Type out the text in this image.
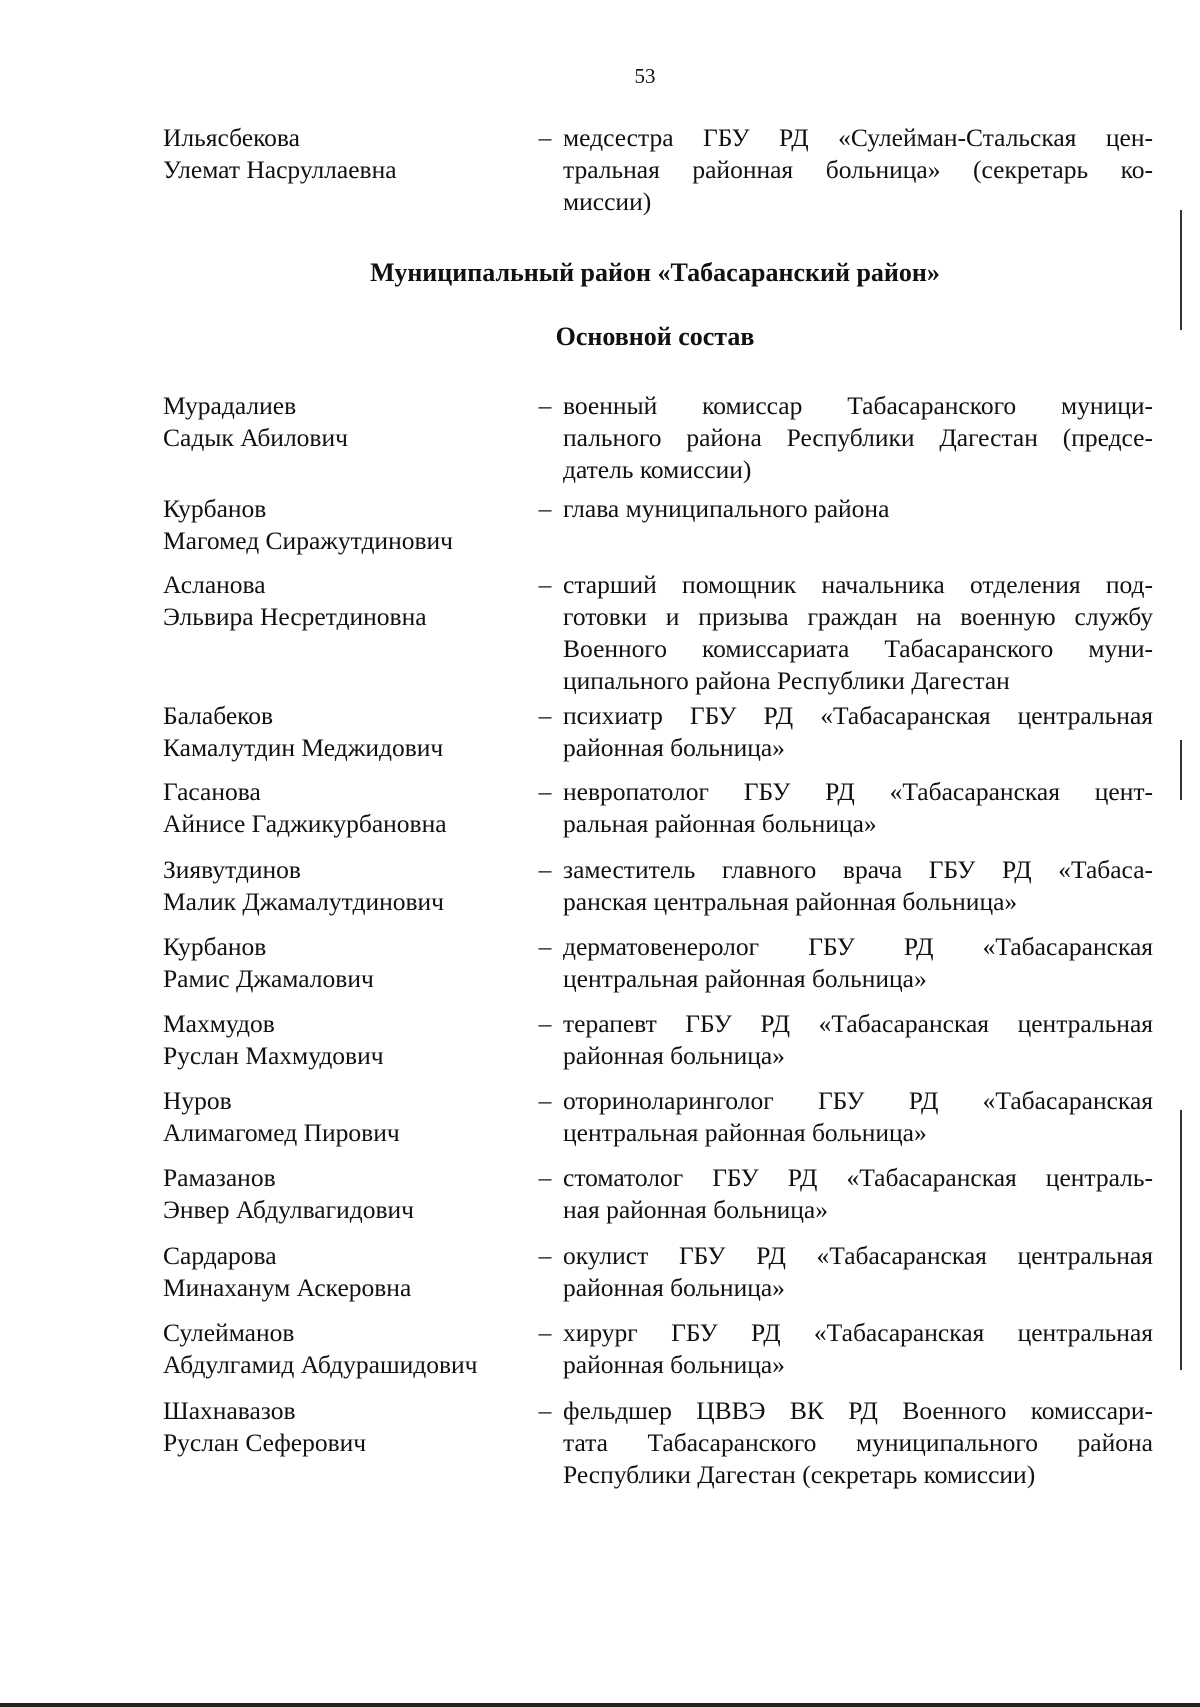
53
Ильясбекова
Улемат Насруллаевна
– медсестра ГБУ РД «Сулейман-Стальская цен-
тральная районная больница» (секретарь ко-
миссии)
Муниципальный район «Табасаранский район»
Основной состав
Мурадалиев
Садык Абилович
– военный комиссар Табасаранского муници-
пального района Республики Дагестан (предсе-
датель комиссии)
Курбанов
Магомед Сиражутдинович
– глава муниципального района
Асланова
Эльвира Несретдиновна
– старший помощник начальника отделения под-
готовки и призыва граждан на военную службу
Военного комиссариата Табасаранского муни-
ципального района Республики Дагестан
Балабеков
Камалутдин Меджидович
– психиатр ГБУ РД «Табасаранская центральная
районная больница»
Гасанова
Айнисе Гаджикурбановна
– невропатолог ГБУ РД «Табасаранская цент-
ральная районная больница»
Зиявутдинов
Малик Джамалутдинович
– заместитель главного врача ГБУ РД «Табаса-
ранская центральная районная больница»
Курбанов
Рамис Джамалович
– дерматовенеролог ГБУ РД «Табасаранская
центральная районная больница»
Махмудов
Руслан Махмудович
– терапевт ГБУ РД «Табасаранская центральная
районная больница»
Нуров
Алимагомед Пирович
– оториноларинголог ГБУ РД «Табасаранская
центральная районная больница»
Рамазанов
Энвер Абдулвагидович
– стоматолог ГБУ РД «Табасаранская централь-
ная районная больница»
Сардарова
Минаханум Аскеровна
– окулист ГБУ РД «Табасаранская центральная
районная больница»
Сулейманов
Абдулгамид Абдурашидович
– хирург ГБУ РД «Табасаранская центральная
районная больница»
Шахнавазов
Руслан Сеферович
– фельдшер ЦВВЭ ВК РД Военного комиссари-
тата Табасаранского муниципального района
Республики Дагестан (секретарь комиссии)
